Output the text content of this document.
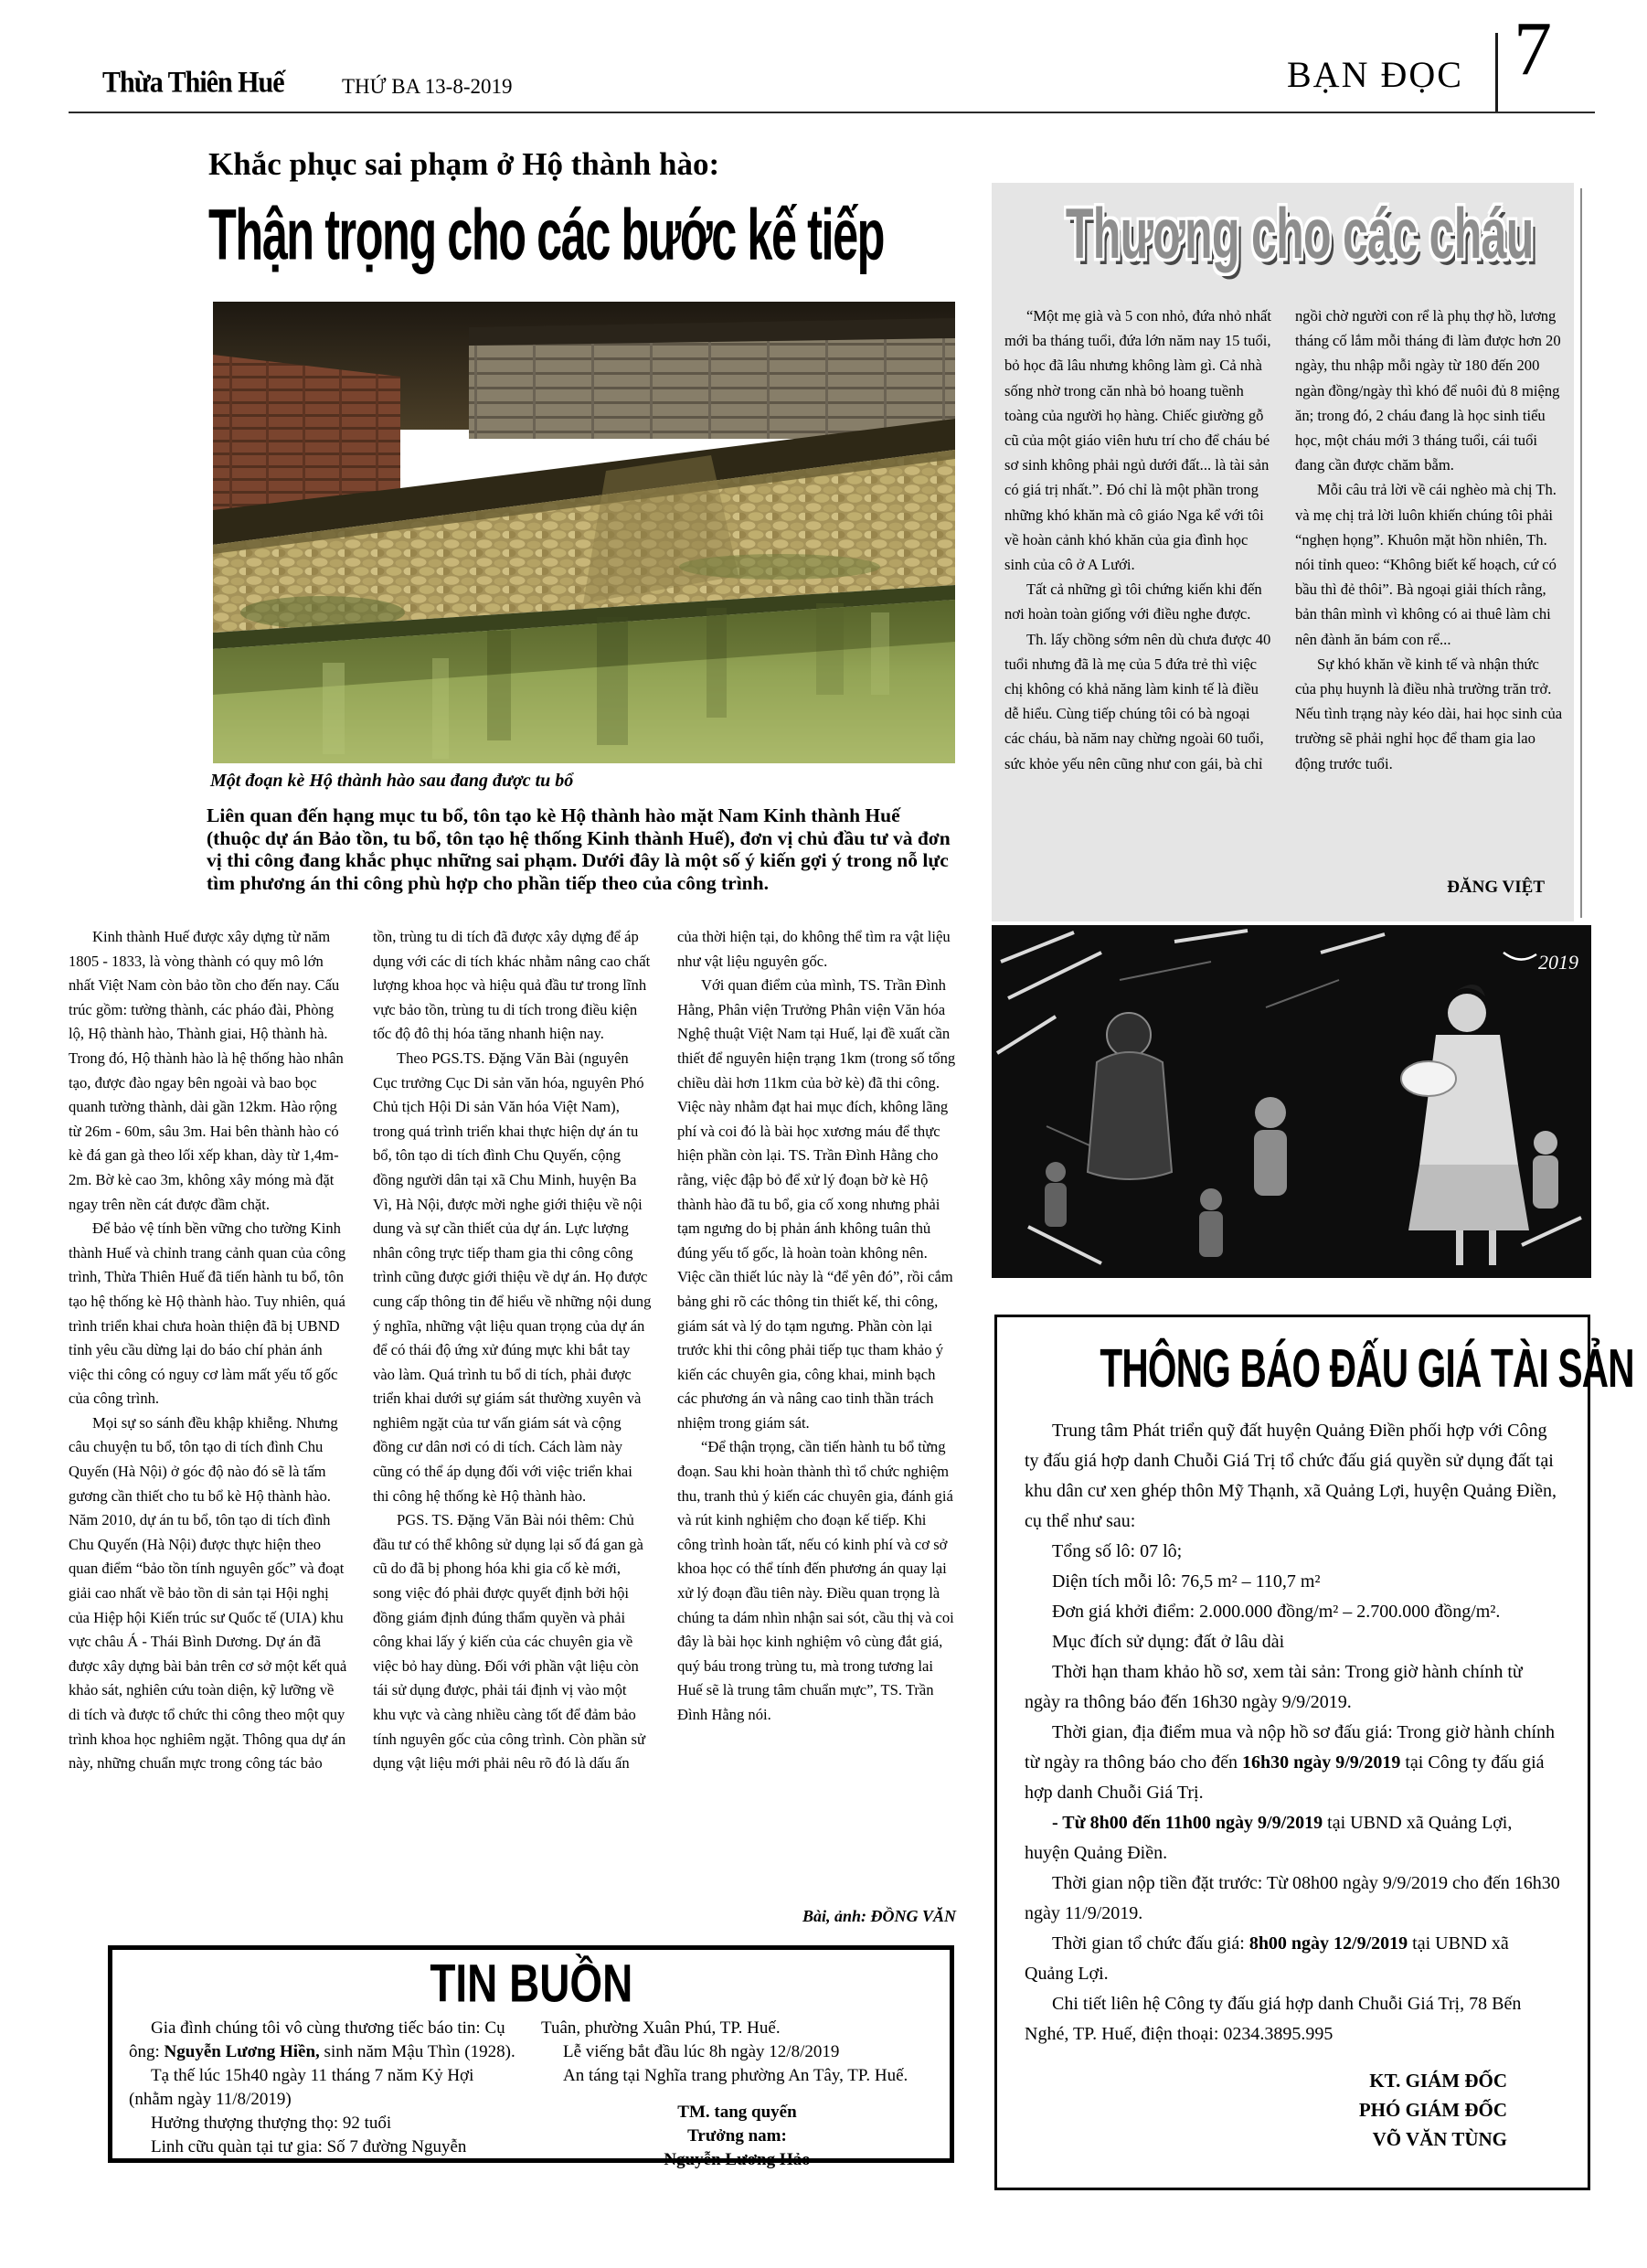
Thừa Thiên Huế	THỨ BA 13-8-2019	BẠN ĐỌC 7
Khắc phục sai phạm ở Hộ thành hào:
Thận trọng cho các bước kế tiếp
Một đoạn kè Hộ thành hào sau đang được tu bổ
Liên quan đến hạng mục tu bổ, tôn tạo kè Hộ thành hào mặt Nam Kinh thành Huế (thuộc dự án Bảo tồn, tu bổ, tôn tạo hệ thống Kinh thành Huế), đơn vị chủ đầu tư và đơn vị thi công đang khắc phục những sai phạm. Dưới đây là một số ý kiến gợi ý trong nỗ lực tìm phương án thi công phù hợp cho phần tiếp theo của công trình.

Kinh thành Huế được xây dựng từ năm 1805 - 1833, là vòng thành có quy mô lớn nhất Việt Nam còn bảo tồn cho đến nay. Cấu trúc gồm: tường thành, các pháo đài, Phòng lộ, Hộ thành hào, Thành giai, Hộ thành hà. Trong đó, Hộ thành hào là hệ thống hào nhân tạo, được đào ngay bên ngoài và bao bọc quanh tường thành, dài gần 12km. Hào rộng từ 26m - 60m, sâu 3m. Hai bên thành hào có kè đá gan gà theo lối xếp khan, dày từ 1,4m-2m. Bờ kè cao 3m, không xây móng mà đặt ngay trên nền cát được đầm chặt.

Để bảo vệ tính bền vững cho tường Kinh thành Huế và chỉnh trang cảnh quan của công trình, Thừa Thiên Huế đã tiến hành tu bổ, tôn tạo hệ thống kè Hộ thành hào. Tuy nhiên, quá trình triển khai chưa hoàn thiện đã bị UBND tỉnh yêu cầu dừng lại do báo chí phản ánh việc thi công có nguy cơ làm mất yếu tố gốc của công trình.

Mọi sự so sánh đều khập khiễng. Nhưng câu chuyện tu bổ, tôn tạo di tích đình Chu Quyến (Hà Nội) ở góc độ nào đó sẽ là tấm gương cần thiết cho tu bổ kè Hộ thành hào. Năm 2010, dự án tu bổ, tôn tạo di tích đình Chu Quyến (Hà Nội) được thực hiện theo quan điểm “bảo tồn tính nguyên gốc” và đoạt giải cao nhất về bảo tồn di sản tại Hội nghị của Hiệp hội Kiến trúc sư Quốc tế (UIA) khu vực châu Á - Thái Bình Dương. Dự án đã được xây dựng bài bản trên cơ sở một kết quả khảo sát, nghiên cứu toàn diện, kỹ lưỡng về di tích và được tổ chức thi công theo một quy trình khoa học nghiêm ngặt. Thông qua dự án này, những chuẩn mực trong công tác bảo tồn, trùng tu di tích đã được xây dựng để áp dụng với các di tích khác nhằm nâng cao chất lượng khoa học và hiệu quả đầu tư trong lĩnh vực bảo tồn, trùng tu di tích trong điều kiện tốc độ đô thị hóa tăng nhanh hiện nay.

Theo PGS.TS. Đặng Văn Bài (nguyên Cục trưởng Cục Di sản văn hóa, nguyên Phó Chủ tịch Hội Di sản Văn hóa Việt Nam), trong quá trình triển khai thực hiện dự án tu bổ, tôn tạo di tích đình Chu Quyến, cộng đồng người dân tại xã Chu Minh, huyện Ba Vì, Hà Nội, được mời nghe giới thiệu về nội dung và sự cần thiết của dự án. Lực lượng nhân công trực tiếp tham gia thi công công trình cũng được giới thiệu về dự án. Họ được cung cấp thông tin để hiểu về những nội dung ý nghĩa, những vật liệu quan trọng của dự án để có thái độ ứng xử đúng mực khi bắt tay vào làm. Quá trình tu bổ di tích, phải được triển khai dưới sự giám sát thường xuyên và nghiêm ngặt của tư vấn giám sát và cộng đồng cư dân nơi có di tích. Cách làm này cũng có thể áp dụng đối với việc triển khai thi công hệ thống kè Hộ thành hào.

PGS. TS. Đặng Văn Bài nói thêm: Chủ đầu tư có thể không sử dụng lại số đá gan gà cũ do đã bị phong hóa khi gia cố kè mới, song việc đó phải được quyết định bởi hội đồng giám định đúng thẩm quyền và phải công khai lấy ý kiến của các chuyên gia về việc bỏ hay dùng. Đối với phần vật liệu còn tái sử dụng được, phải tái định vị vào một khu vực và càng nhiều càng tốt để đảm bảo tính nguyên gốc của công trình. Còn phần sử dụng vật liệu mới phải nêu rõ đó là dấu ấn của thời hiện tại, do không thể tìm ra vật liệu như vật liệu nguyên gốc.

Với quan điểm của mình, TS. Trần Đình Hằng, Phân viện Trưởng Phân viện Văn hóa Nghệ thuật Việt Nam tại Huế, lại đề xuất cần thiết để nguyên hiện trạng 1km (trong số tổng chiều dài hơn 11km của bờ kè) đã thi công. Việc này nhằm đạt hai mục đích, không lãng phí và coi đó là bài học xương máu để thực hiện phần còn lại. TS. Trần Đình Hằng cho rằng, việc đập bỏ để xử lý đoạn bờ kè Hộ thành hào đã tu bổ, gia cố xong nhưng phải tạm ngưng do bị phản ánh không tuân thủ đúng yếu tố gốc, là hoàn toàn không nên. Việc cần thiết lúc này là “để yên đó”, rồi cắm bảng ghi rõ các thông tin thiết kế, thi công, giám sát và lý do tạm ngưng. Phần còn lại trước khi thi công phải tiếp tục tham khảo ý kiến các chuyên gia, công khai, minh bạch các phương án và nâng cao tinh thần trách nhiệm trong giám sát.

“Để thận trọng, cần tiến hành tu bổ từng đoạn. Sau khi hoàn thành thì tổ chức nghiệm thu, tranh thủ ý kiến các chuyên gia, đánh giá và rút kinh nghiệm cho đoạn kế tiếp. Khi công trình hoàn tất, nếu có kinh phí và cơ sở khoa học có thể tính đến phương án quay lại xử lý đoạn đầu tiên này. Điều quan trọng là chúng ta dám nhìn nhận sai sót, cầu thị và coi đây là bài học kinh nghiệm vô cùng đắt giá, quý báu trong trùng tu, mà trong tương lai Huế sẽ là trung tâm chuẩn mực”, TS. Trần Đình Hằng nói.

Bài, ảnh: ĐỒNG VĂN
Thương cho các cháu

“Một mẹ già và 5 con nhỏ, đứa nhỏ nhất mới ba tháng tuổi, đứa lớn năm nay 15 tuổi, bỏ học đã lâu nhưng không làm gì. Cả nhà sống nhờ trong căn nhà bỏ hoang tuềnh toàng của người họ hàng. Chiếc giường gỗ cũ của một giáo viên hưu trí cho để cháu bé sơ sinh không phải ngủ dưới đất... là tài sản có giá trị nhất.”. Đó chỉ là một phần trong những khó khăn mà cô giáo Nga kể với tôi về hoàn cảnh khó khăn của gia đình học sinh của cô ở A Lưới.

Tất cả những gì tôi chứng kiến khi đến nơi hoàn toàn giống với điều nghe được.

Th. lấy chồng sớm nên dù chưa được 40 tuổi nhưng đã là mẹ của 5 đứa trẻ thì việc chị không có khả năng làm kinh tế là điều dễ hiểu. Cùng tiếp chúng tôi có bà ngoại các cháu, bà năm nay chừng ngoài 60 tuổi, sức khỏe yếu nên cũng như con gái, bà chỉ ngồi chờ người con rể là phụ thợ hồ, lương tháng cố lắm mỗi tháng đi làm được hơn 20 ngày, thu nhập mỗi ngày từ 180 đến 200 ngàn đồng/ngày thì khó để nuôi đủ 8 miệng ăn; trong đó, 2 cháu đang là học sinh tiểu học, một cháu mới 3 tháng tuổi, cái tuổi đang cần được chăm bẵm.

Mỗi câu trả lời về cái nghèo mà chị Th. và mẹ chị trả lời luôn khiến chúng tôi phải “nghẹn họng”. Khuôn mặt hồn nhiên, Th. nói tỉnh queo: “Không biết kế hoạch, cứ có bầu thì đẻ thôi”. Bà ngoại giải thích rằng, bản thân mình vì không có ai thuê làm chi nên đành ăn bám con rể...

Sự khó khăn về kinh tế và nhận thức của phụ huynh là điều nhà trường trăn trở. Nếu tình trạng này kéo dài, hai học sinh của trường sẽ phải nghỉ học để tham gia lao động trước tuổi.

ĐĂNG VIỆT
2019
THÔNG BÁO ĐẤU GIÁ TÀI SẢN

Trung tâm Phát triển quỹ đất huyện Quảng Điền phối hợp với Công ty đấu giá hợp danh Chuỗi Giá Trị tổ chức đấu giá quyền sử dụng đất tại khu dân cư xen ghép thôn Mỹ Thạnh, xã Quảng Lợi, huyện Quảng Điền, cụ thể như sau:

Tổng số lô: 07 lô;

Diện tích mỗi lô: 76,5 m² – 110,7 m²

Đơn giá khởi điểm: 2.000.000 đồng/m² – 2.700.000 đồng/m².

Mục đích sử dụng: đất ở lâu dài

Thời hạn tham khảo hồ sơ, xem tài sản: Trong giờ hành chính từ ngày ra thông báo đến 16h30 ngày 9/9/2019.

Thời gian, địa điểm mua và nộp hồ sơ đấu giá: Trong giờ hành chính từ ngày ra thông báo cho đến 16h30 ngày 9/9/2019 tại Công ty đấu giá hợp danh Chuỗi Giá Trị.

- Từ 8h00 đến 11h00 ngày 9/9/2019 tại UBND xã Quảng Lợi, huyện Quảng Điền.

Thời gian nộp tiền đặt trước: Từ 08h00 ngày 9/9/2019 cho đến 16h30 ngày 11/9/2019.

Thời gian tổ chức đấu giá: 8h00 ngày 12/9/2019 tại UBND xã Quảng Lợi.

Chi tiết liên hệ Công ty đấu giá hợp danh Chuỗi Giá Trị, 78 Bến Nghé, TP. Huế, điện thoại: 0234.3895.995

KT. GIÁM ĐỐC
PHÓ GIÁM ĐỐC
VÕ VĂN TÙNG
TIN BUỒN

Gia đình chúng tôi vô cùng thương tiếc báo tin: Cụ ông: Nguyễn Lương Hiền, sinh năm Mậu Thìn (1928).

Tạ thế lúc 15h40 ngày 11 tháng 7 năm Kỷ Hợi (nhằm ngày 11/8/2019)

Hưởng thượng thượng thọ: 92 tuổi

Linh cữu quàn tại tư gia: Số 7 đường Nguyễn

Tuân, phường Xuân Phú, TP. Huế.

Lễ viếng bắt đầu lúc 8h ngày 12/8/2019

An táng tại Nghĩa trang phường An Tây, TP. Huế.

TM. tang quyến
Trưởng nam:
Nguyễn Lương Hảo
